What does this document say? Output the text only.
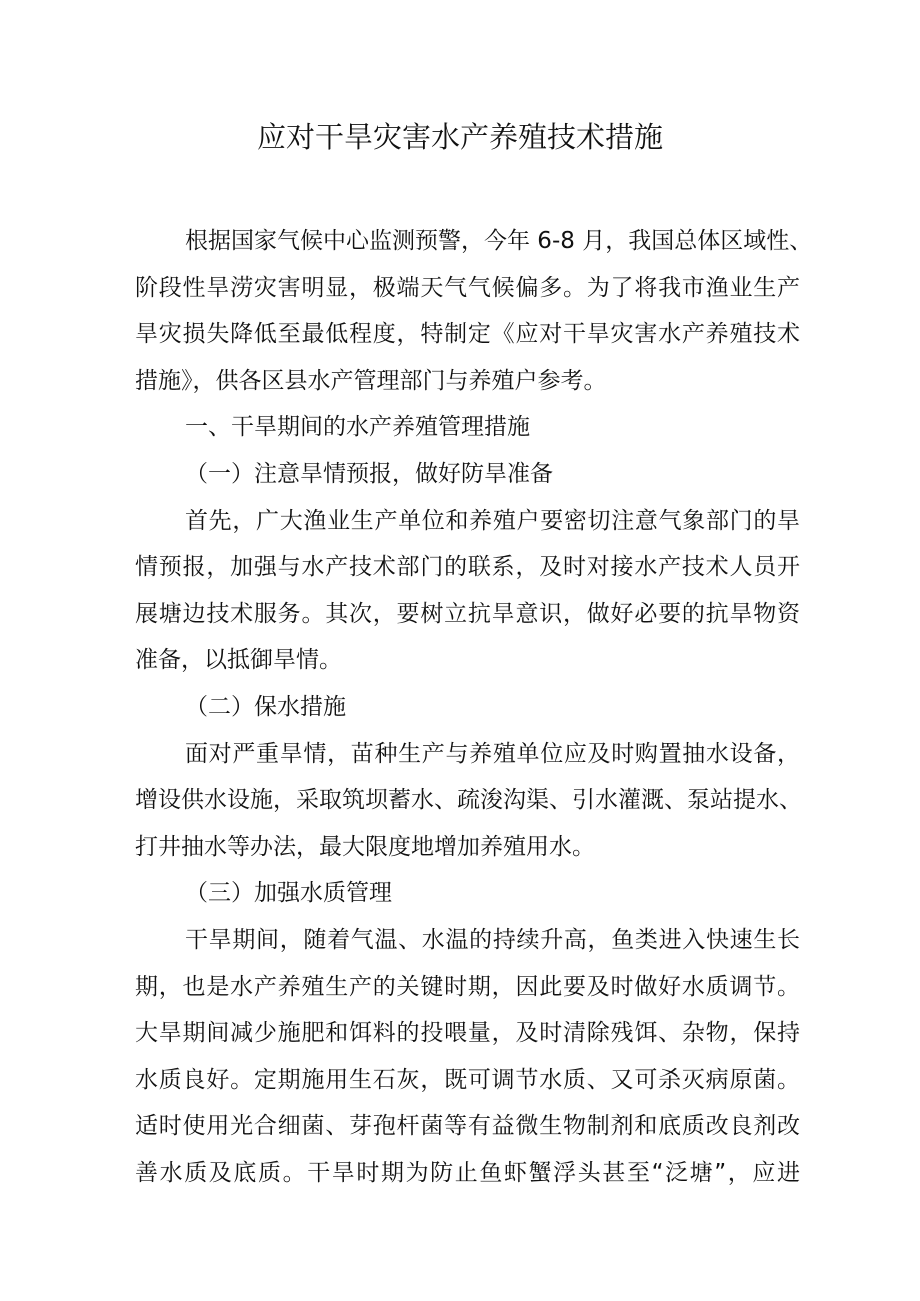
应对干旱灾害水产养殖技术措施
根据国家气候中心监测预警，今年 6-8 月，我国总体区域性、
阶段性旱涝灾害明显，极端天气气候偏多。为了将我市渔业生产
旱灾损失降低至最低程度，特制定《应对干旱灾害水产养殖技术
措施》，供各区县水产管理部门与养殖户参考。
一、干旱期间的水产养殖管理措施
（一）注意旱情预报，做好防旱准备
首先，广大渔业生产单位和养殖户要密切注意气象部门的旱
情预报，加强与水产技术部门的联系，及时对接水产技术人员开
展塘边技术服务。其次，要树立抗旱意识，做好必要的抗旱物资
准备，以抵御旱情。
（二）保水措施
面对严重旱情，苗种生产与养殖单位应及时购置抽水设备，
增设供水设施，采取筑坝蓄水、疏浚沟渠、引水灌溉、泵站提水、
打井抽水等办法，最大限度地增加养殖用水。
（三）加强水质管理
干旱期间，随着气温、水温的持续升高，鱼类进入快速生长
期，也是水产养殖生产的关键时期，因此要及时做好水质调节。
大旱期间减少施肥和饵料的投喂量，及时清除残饵、杂物，保持
水质良好。定期施用生石灰，既可调节水质、又可杀灭病原菌。
适时使用光合细菌、芽孢杆菌等有益微生物制剂和底质改良剂改
善水质及底质。干旱时期为防止鱼虾蟹浮头甚至“泛塘”，应进
